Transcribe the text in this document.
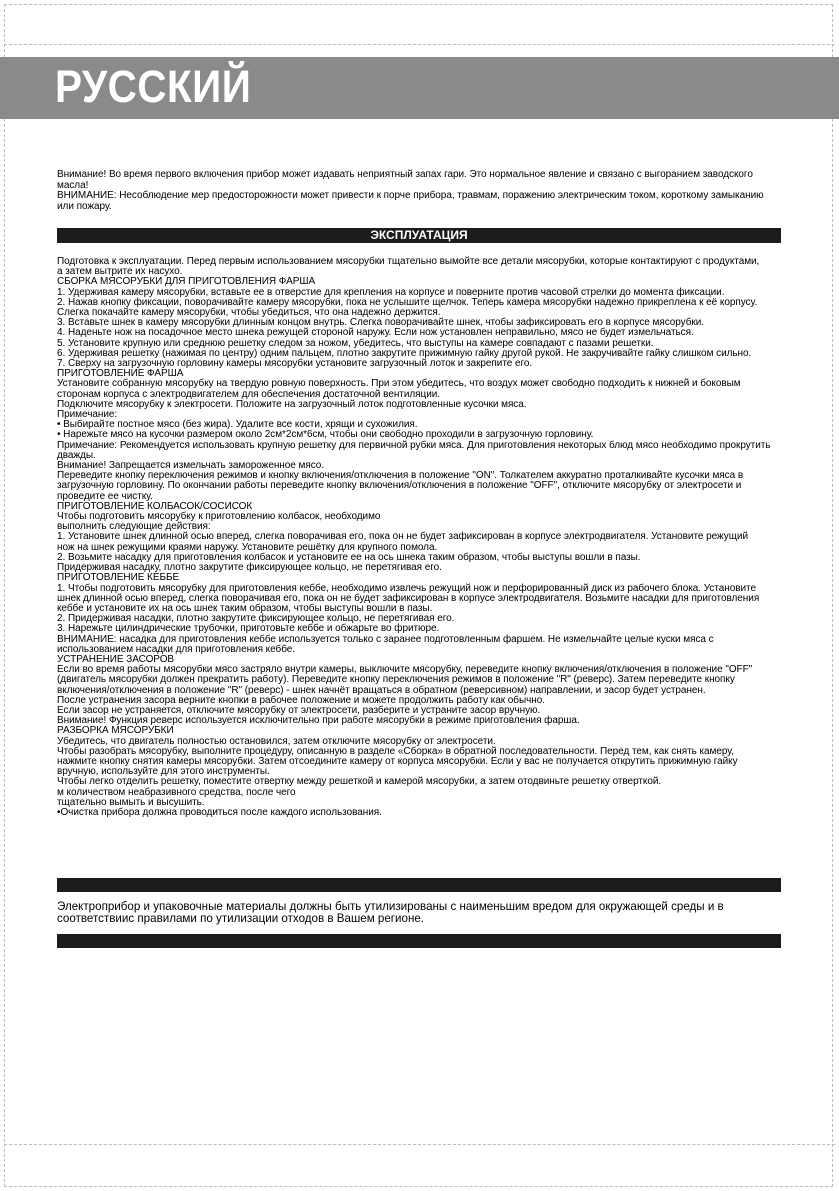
РУССКИЙ
Внимание! Во время первого включения прибор может издавать неприятный запах гари. Это нормальное явление и связано с выгоранием заводского
масла!
ВНИМАНИЕ: Несоблюдение мер предосторожности может привести к порче прибора, травмам, поражению электрическим током, короткому замыканию
или пожару.
ЭКСПЛУАТАЦИЯ
Подготовка к эксплуатации. Перед первым использованием мясорубки тщательно вымойте все детали мясорубки, которые контактируют с продуктами,
а затем вытрите их насухо.
СБОРКА МЯСОРУБКИ ДЛЯ ПРИГОТОВЛЕНИЯ ФАРША
1. Удерживая камеру мясорубки, вставьте ее в отверстие для крепления на корпусе и поверните против часовой стрелки до момента фиксации.
2. Нажав кнопку фиксации, поворачивайте камеру мясорубки, пока не услышите щелчок. Теперь камера мясорубки надежно прикреплена к её корпусу.
Слегка покачайте камеру мясорубки, чтобы убедиться, что она надежно держится.
3. Вставьте шнек в камеру мясорубки длинным концом внутрь. Слегка поворачивайте шнек, чтобы зафиксировать его в корпусе мясорубки.
4. Наденьте нож на посадочное место шнека режущей стороной наружу. Если нож установлен неправильно, мясо не будет измельчаться.
5. Установите крупную или среднюю решетку следом за ножом, убедитесь, что выступы на камере совпадают с пазами решетки.
6. Удерживая решетку (нажимая по центру) одним пальцем, плотно закрутите прижимную гайку другой рукой. Не закручивайте гайку слишком сильно.
7. Сверху на загрузочную горловину камеры мясорубки установите загрузочный лоток и закрепите его.
ПРИГОТОВЛЕНИЕ ФАРША
Установите собранную мясорубку на твердую ровную поверхность. При этом убедитесь, что воздух может свободно подходить к нижней и боковым
сторонам корпуса с электродвигателем для обеспечения достаточной вентиляции.
Подключите мясорубку к электросети. Положите на загрузочный лоток подготовленные кусочки мяса.
Примечание:
• Выбирайте постное мясо (без жира). Удалите все кости, хрящи и сухожилия.
• Нарежьте мясо на кусочки размером около 2см*2см*6см, чтобы они свободно проходили в загрузочную горловину.
Примечание: Рекомендуется использовать крупную решетку для первичной рубки мяса. Для приготовления некоторых блюд мясо необходимо прокрутить
дважды.
Внимание! Запрещается измельчать замороженное мясо.
Переведите кнопку переключения режимов и кнопку включения/отключения в положение "ON". Толкателем аккуратно проталкивайте кусочки мяса в
загрузочную горловину. По окончании работы переведите кнопку включения/отключения в положение "OFF", отключите мясорубку от электросети и
проведите ее чистку.
ПРИГОТОВЛЕНИЕ КОЛБАСОК/СОСИСОК
Чтобы подготовить мясорубку к приготовлению колбасок, необходимо
выполнить следующие действия:
1. Установите шнек длинной осью вперед, слегка поворачивая его, пока он не будет зафиксирован в корпусе электродвигателя. Установите режущий
нож на шнек режущими краями наружу. Установите решётку для крупного помола.
2. Возьмите насадку для приготовления колбасок и установите ее на ось шнека таким образом, чтобы выступы вошли в пазы.
Придерживая насадку, плотно закрутите фиксирующее кольцо, не перетягивая его.
ПРИГОТОВЛЕНИЕ КЕББЕ
1. Чтобы подготовить мясорубку для приготовления кеббе, необходимо извлечь режущий нож и перфорированный диск из рабочего блока. Установите
шнек длинной осью вперед, слегка поворачивая его, пока он не будет зафиксирован в корпусе электродвигателя. Возьмите насадки для приготовления
кеббе и установите их на ось шнек таким образом, чтобы выступы вошли в пазы.
2. Придерживая насадки, плотно закрутите фиксирующее кольцо, не перетягивая его.
3. Нарежьте цилиндрические трубочки, приготовьте кеббе и обжарьте во фритюре.
ВНИМАНИЕ: насадка для приготовления кеббе используется только с заранее подготовленным фаршем. Не измельчайте целые куски мяса с
использованием насадки для приготовления кеббе.
УСТРАНЕНИЕ ЗАСОРОВ
Если во время работы мясорубки мясо застряло внутри камеры, выключите мясорубку, переведите кнопку включения/отключения в положение "OFF"
(двигатель мясорубки должен прекратить работу). Переведите кнопку переключения режимов в положение "R" (реверс). Затем переведите кнопку
включения/отключения в положение "R" (реверс) - шнек начнёт вращаться в обратном (реверсивном) направлении, и засор будет устранен.
После устранения засора верните кнопки в рабочее положение и можете продолжить работу как обычно.
Если засор не устраняется, отключите мясорубку от электросети, разберите и устраните засор вручную.
Внимание! Функция реверс используется исключительно при работе мясорубки в режиме приготовления фарша.
РАЗБОРКА МЯСОРУБКИ
Убедитесь, что двигатель полностью остановился, затем отключите мясорубку от электросети.
Чтобы разобрать мясорубку, выполните процедуру, описанную в разделе «Сборка» в обратной последовательности. Перед тем, как снять камеру,
нажмите кнопку снятия камеры мясорубки. Затем отсоедините камеру от корпуса мясорубки. Если у вас не получается открутить прижимную гайку
вручную, используйте для этого инструменты.
Чтобы легко отделить решетку, поместите отвертку между решеткой и камерой мясорубки, а затем отодвиньте решетку отверткой.
м количеством неабразивного средства, после чего
тщательно вымыть и высушить.
•Очистка прибора должна проводиться после каждого использования.
Электроприбор и упаковочные материалы должны быть утилизированы с наименьшим вредом для окружающей среды и в соответствиис правилами по утилизации отходов в Вашем регионе.
